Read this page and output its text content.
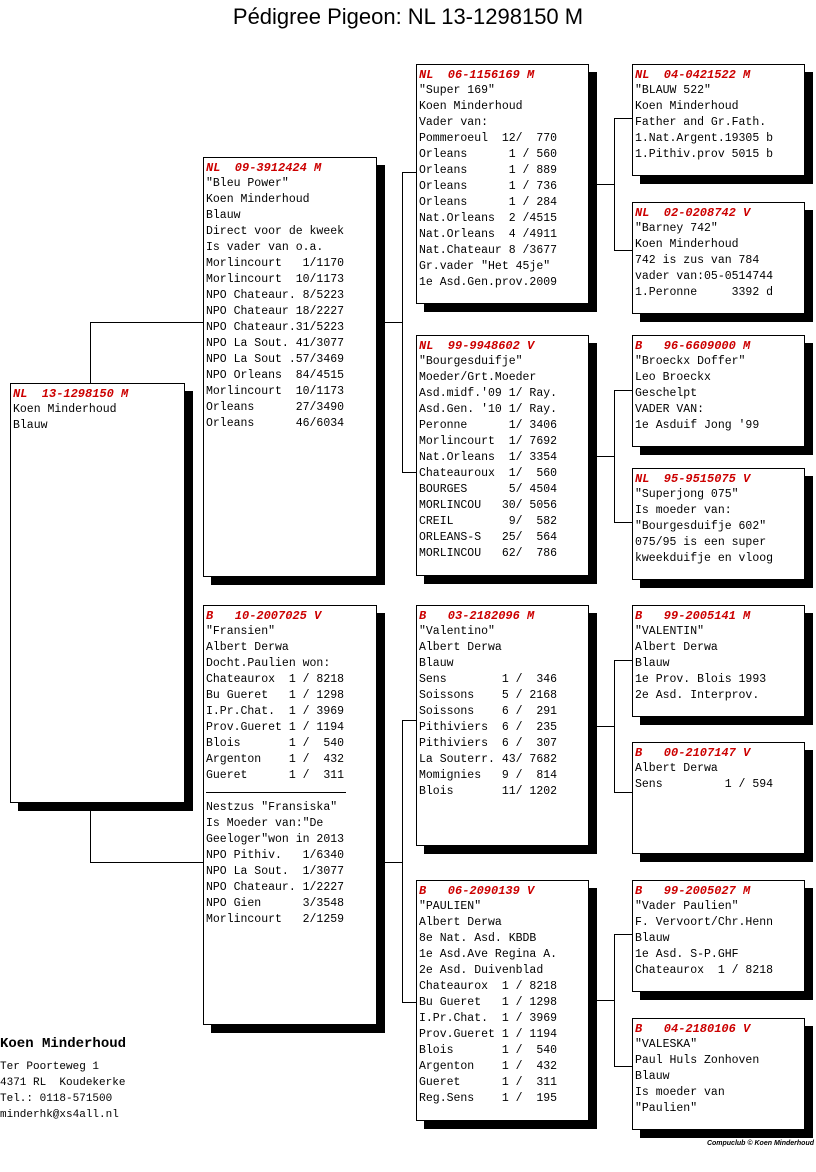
Pédigree Pigeon: NL 13-1298150 M
NL  13-1298150 M
Koen Minderhoud
Blauw
NL  09-3912424 M
"Bleu Power"
Koen Minderhoud
Blauw
Direct voor de kweek
Is vader van o.a.
Morlincourt   1/1170
Morlincourt  10/1173
NPO Chateaur. 8/5223
NPO Chateaur 18/2227
NPO Chateaur.31/5223
NPO La Sout. 41/3077
NPO La Sout .57/3469
NPO Orleans  84/4515
Morlincourt  10/1173
Orleans      27/3490
Orleans      46/6034
B   10-2007025 V
"Fransien"
Albert Derwa
Docht.Paulien won:
Chateaurox  1 / 8218
Bu Gueret   1 / 1298
I.Pr.Chat.  1 / 3969
Prov.Gueret 1 / 1194
Blois       1 /  540
Argenton    1 /  432
Gueret      1 /  311
Nestzus "Fransiska"
Is Moeder van:"De
Geeloger"won in 2013
NPO Pithiv.   1/6340
NPO La Sout.  1/3077
NPO Chateaur. 1/2227
NPO Gien      3/3548
Morlincourt   2/1259
NL  06-1156169 M
"Super 169"
Koen Minderhoud
Vader van:
Pommeroeul  12/  770
Orleans      1 / 560
Orleans      1 / 889
Orleans      1 / 736
Orleans      1 / 284
Nat.Orleans  2 /4515
Nat.Orleans  4 /4911
Nat.Chateaur 8 /3677
Gr.vader "Het 45je"
1e Asd.Gen.prov.2009
NL  99-9948602 V
"Bourgesduifje"
Moeder/Grt.Moeder
Asd.midf.'09 1/ Ray.
Asd.Gen. '10 1/ Ray.
Peronne      1/ 3406
Morlincourt  1/ 7692
Nat.Orleans  1/ 3354
Chateauroux  1/  560
BOURGES      5/ 4504
MORLINCOU   30/ 5056
CREIL        9/  582
ORLEANS-S   25/  564
MORLINCOU   62/  786
B   03-2182096 M
"Valentino"
Albert Derwa
Blauw
Sens        1 /  346
Soissons    5 / 2168
Soissons    6 /  291
Pithiviers  6 /  235
Pithiviers  6 /  307
La Souterr. 43/ 7682
Momignies   9 /  814
Blois       11/ 1202
B   06-2090139 V
"PAULIEN"
Albert Derwa
8e Nat. Asd. KBDB
1e Asd.Ave Regina A.
2e Asd. Duivenblad
Chateaurox  1 / 8218
Bu Gueret   1 / 1298
I.Pr.Chat.  1 / 3969
Prov.Gueret 1 / 1194
Blois       1 /  540
Argenton    1 /  432
Gueret      1 /  311
Reg.Sens    1 /  195
NL  04-0421522 M
"BLAUW 522"
Koen Minderhoud
Father and Gr.Fath.
1.Nat.Argent.19305 b
1.Pithiv.prov 5015 b
NL  02-0208742 V
"Barney 742"
Koen Minderhoud
742 is zus van 784
vader van:05-0514744
1.Peronne     3392 d
B   96-6609000 M
"Broeckx Doffer"
Leo Broeckx
Geschelpt
VADER VAN:
1e Asduif Jong '99
NL  95-9515075 V
"Superjong 075"
Is moeder van:
"Bourgesduifje 602"
075/95 is een super
kweekduifje en vloog
B   99-2005141 M
"VALENTIN"
Albert Derwa
Blauw
1e Prov. Blois 1993
2e Asd. Interprov.
B   00-2107147 V
Albert Derwa
Sens         1 / 594
B   99-2005027 M
"Vader Paulien"
F. Vervoort/Chr.Henn
Blauw
1e Asd. S-P.GHF
Chateaurox  1 / 8218
B   04-2180106 V
"VALESKA"
Paul Huls Zonhoven
Blauw
Is moeder van
"Paulien"
Koen Minderhoud
Ter Poorteweg 1
4371 RL  Koudekerke
Tel.: 0118-571500
minderhk@xs4all.nl
Compuclub © Koen Minderhoud
